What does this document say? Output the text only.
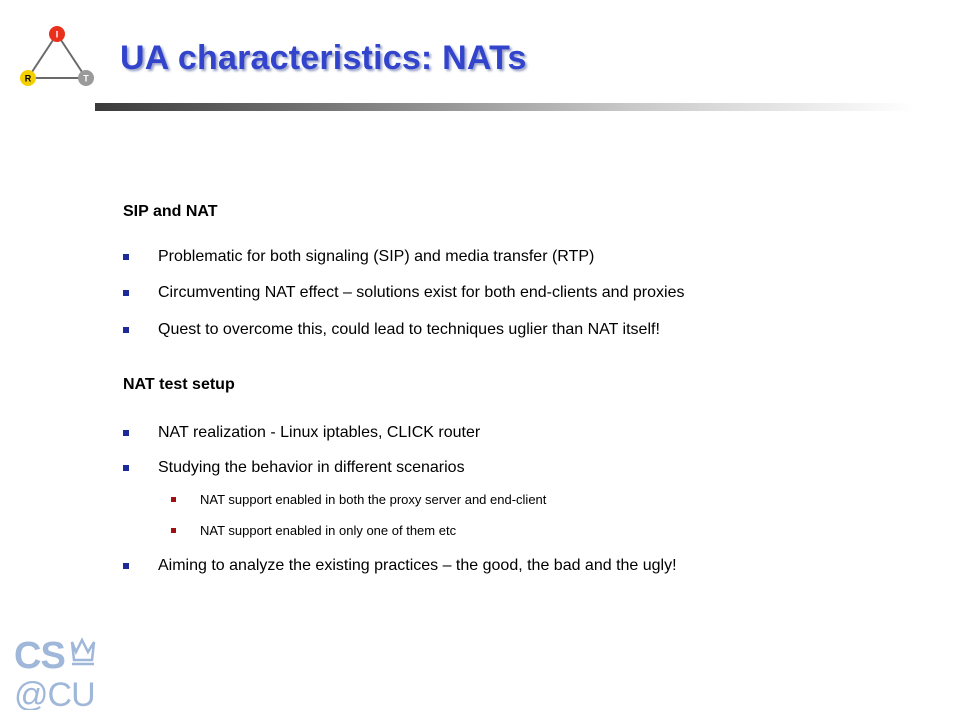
I
R	T
UA characteristics: NATs
SIP and NAT
Problematic for both signaling (SIP) and media transfer (RTP)
Circumventing NAT effect – solutions exist for both end-clients and proxies
Quest to overcome this, could lead to techniques uglier than NAT itself!
NAT test setup
NAT realization - Linux iptables, CLICK router
Studying the behavior in different scenarios
NAT support enabled in both the proxy server and end-client
NAT support enabled in only one of them etc
Aiming to analyze the existing practices – the good, the bad and the ugly!
CS
@CU
